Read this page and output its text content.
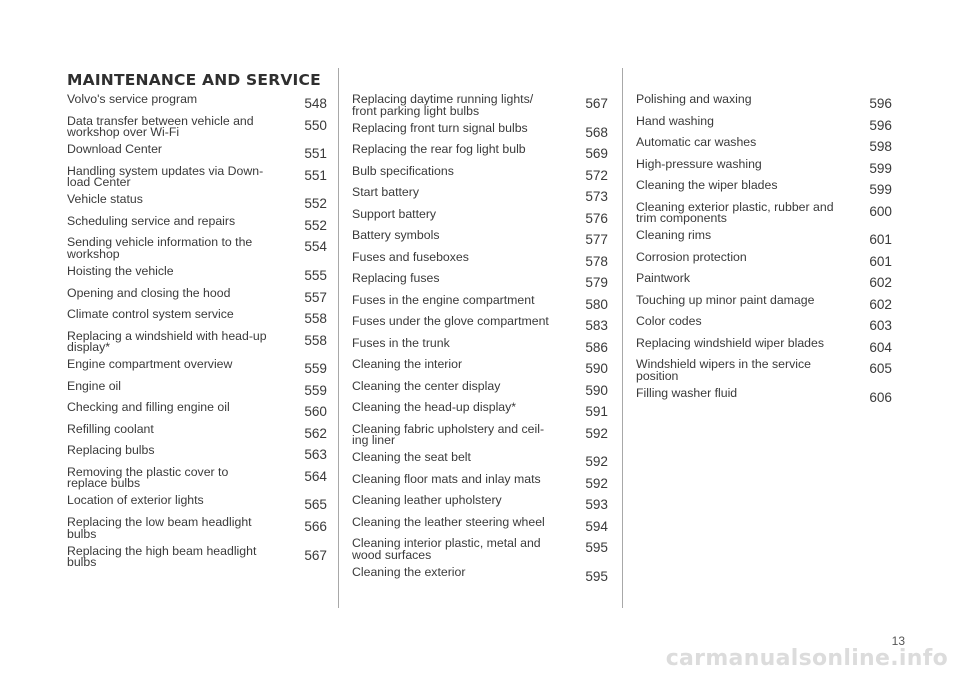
MAINTENANCE AND SERVICE
Volvo's service program	548
Data transfer between vehicle and workshop over Wi-Fi	550
Download Center	551
Handling system updates via Down-load Center	551
Vehicle status	552
Scheduling service and repairs	552
Sending vehicle information to the workshop	554
Hoisting the vehicle	555
Opening and closing the hood	557
Climate control system service	558
Replacing a windshield with head-up display*	558
Engine compartment overview	559
Engine oil	559
Checking and filling engine oil	560
Refilling coolant	562
Replacing bulbs	563
Removing the plastic cover to replace bulbs	564
Location of exterior lights	565
Replacing the low beam headlight bulbs	566
Replacing the high beam headlight bulbs	567
Replacing daytime running lights/ front parking light bulbs	567
Replacing front turn signal bulbs	568
Replacing the rear fog light bulb	569
Bulb specifications	572
Start battery	573
Support battery	576
Battery symbols	577
Fuses and fuseboxes	578
Replacing fuses	579
Fuses in the engine compartment	580
Fuses under the glove compartment	583
Fuses in the trunk	586
Cleaning the interior	590
Cleaning the center display	590
Cleaning the head-up display*	591
Cleaning fabric upholstery and ceil-ing liner	592
Cleaning the seat belt	592
Cleaning floor mats and inlay mats	592
Cleaning leather upholstery	593
Cleaning the leather steering wheel	594
Cleaning interior plastic, metal and wood surfaces	595
Cleaning the exterior	595
Polishing and waxing	596
Hand washing	596
Automatic car washes	598
High-pressure washing	599
Cleaning the wiper blades	599
Cleaning exterior plastic, rubber and trim components	600
Cleaning rims	601
Corrosion protection	601
Paintwork	602
Touching up minor paint damage	602
Color codes	603
Replacing windshield wiper blades	604
Windshield wipers in the service position	605
Filling washer fluid	606
13
carmanualsonline.info
